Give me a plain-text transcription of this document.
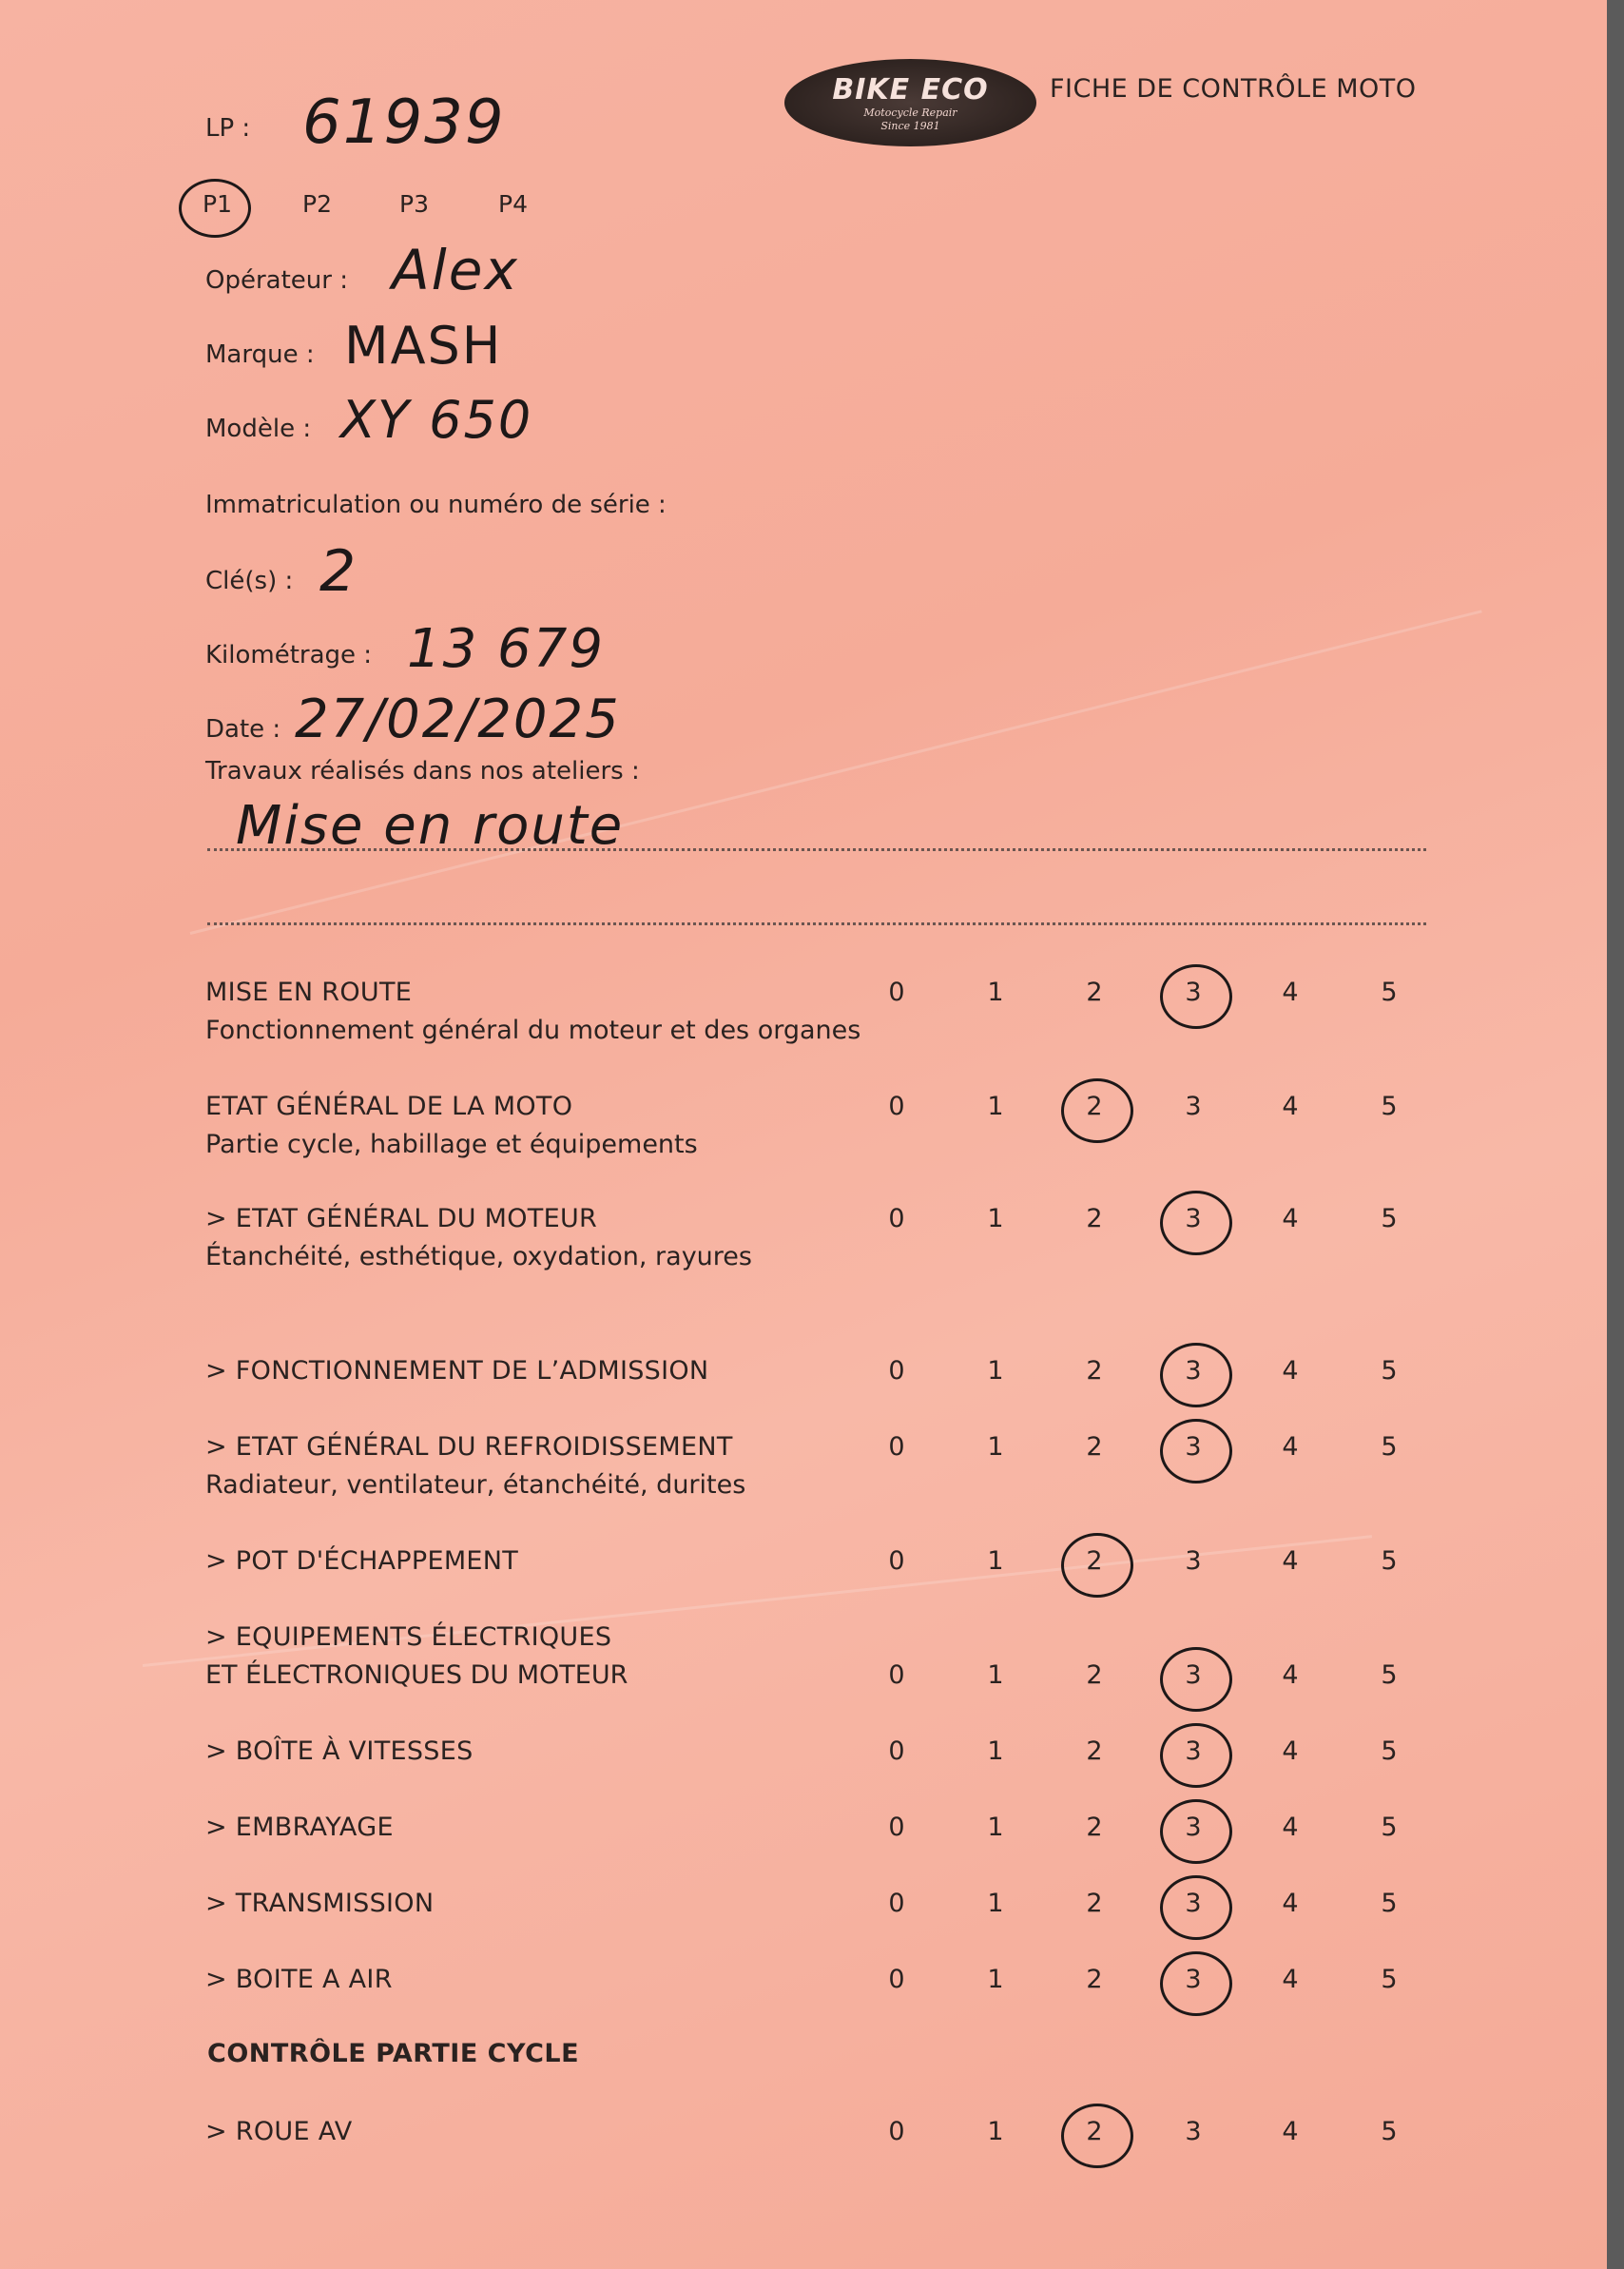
BIKE ECO
Motocycle Repair
Since 1981
FICHE DE CONTRÔLE MOTO
LP : 61939
P1	P2	P3	P4
Opérateur : Alex
Marque : MASH
Modèle : XY 650
Immatriculation ou numéro de série :
Clé(s) : 2
Kilométrage : 13 679
Date : 27/02/2025
Travaux réalisés dans nos ateliers :
Mise en route
MISE EN ROUTE
Fonctionnement général du moteur et des organes
0	1	2	3	4	5
ETAT GÉNÉRAL DE LA MOTO
Partie cycle, habillage et équipements
0	1	2	3	4	5
> ETAT GÉNÉRAL DU MOTEUR
Étanchéité, esthétique, oxydation, rayures
0	1	2	3	4	5
> FONCTIONNEMENT DE L’ADMISSION	0	1	2	3	4	5
> ETAT GÉNÉRAL DU REFROIDISSEMENT
Radiateur, ventilateur, étanchéité, durites
0	1	2	3	4	5
> POT D'ÉCHAPPEMENT	0	1	2	3	4	5
> EQUIPEMENTS ÉLECTRIQUES
ET ÉLECTRONIQUES DU MOTEUR	0	1	2	3	4	5
> BOÎTE À VITESSES	0	1	2	3	4	5
> EMBRAYAGE	0	1	2	3	4	5
> TRANSMISSION	0	1	2	3	4	5
> BOITE A AIR	0	1	2	3	4	5
CONTRÔLE PARTIE CYCLE
> ROUE AV	0	1	2	3	4	5
